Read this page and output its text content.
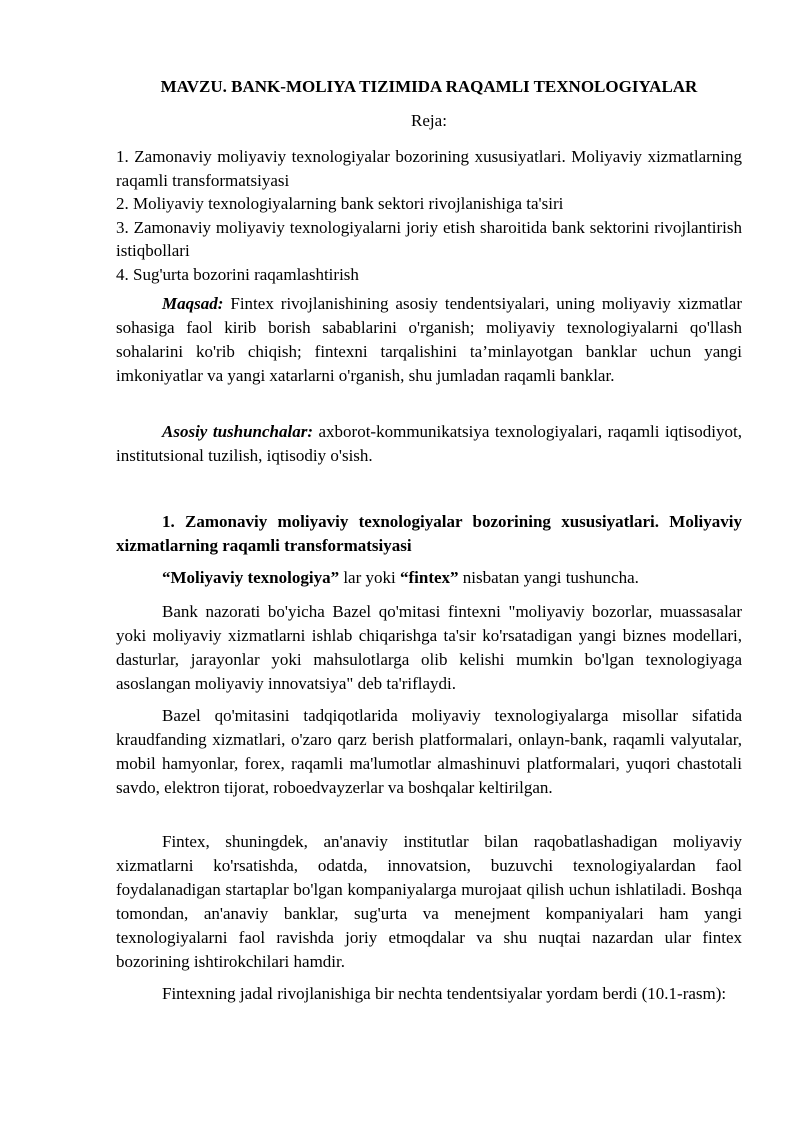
MAVZU. BANK-MOLIYA TIZIMIDA RAQAMLI TEXNOLOGIYALAR
Reja:

1. Zamonaviy moliyaviy texnologiyalar bozorining xususiyatlari. Moliyaviy xizmatlarning raqamli transformatsiyasi

2. Moliyaviy texnologiyalarning bank sektori rivojlanishiga ta'siri

3. Zamonaviy moliyaviy texnologiyalarni joriy etish sharoitida bank sektorini rivojlantirish istiqbollari

4. Sug'urta bozorini raqamlashtirish

Maqsad: Fintex rivojlanishining asosiy tendentsiyalari, uning moliyaviy xizmatlar sohasiga faol kirib borish sabablarini o'rganish; moliyaviy texnologiyalarni qo'llash sohalarini ko'rib chiqish; fintexni tarqalishini ta’minlayotgan banklar uchun yangi imkoniyatlar va yangi xatarlarni o'rganish, shu jumladan raqamli banklar.

Asosiy tushunchalar: axborot-kommunikatsiya texnologiyalari, raqamli iqtisodiyot, institutsional tuzilish, iqtisodiy o'sish.

1. Zamonaviy moliyaviy texnologiyalar bozorining xususiyatlari. Moliyaviy xizmatlarning raqamli transformatsiyasi

“Moliyaviy texnologiya” lar yoki “fintex” nisbatan yangi tushuncha.

Bank nazorati bo'yicha Bazel qo'mitasi fintexni "moliyaviy bozorlar, muassasalar yoki moliyaviy xizmatlarni ishlab chiqarishga ta'sir ko'rsatadigan yangi biznes modellari, dasturlar, jarayonlar yoki mahsulotlarga olib kelishi mumkin bo'lgan texnologiyaga asoslangan moliyaviy innovatsiya" deb ta'riflaydi.

Bazel qo'mitasini tadqiqotlarida moliyaviy texnologiyalarga misollar sifatida kraudfanding xizmatlari, o'zaro qarz berish platformalari, onlayn-bank, raqamli valyutalar, mobil hamyonlar, forex, raqamli ma'lumotlar almashinuvi platformalari, yuqori chastotali savdo, elektron tijorat, roboedvayzerlar va boshqalar keltirilgan.

Fintex, shuningdek, an'anaviy institutlar bilan raqobatlashadigan moliyaviy xizmatlarni ko'rsatishda, odatda, innovatsion, buzuvchi texnologiyalardan faol foydalanadigan startaplar bo'lgan kompaniyalarga murojaat qilish uchun ishlatiladi. Boshqa tomondan, an'anaviy banklar, sug'urta va menejment kompaniyalari ham yangi texnologiyalarni faol ravishda joriy etmoqdalar va shu nuqtai nazardan ular fintex bozorining ishtirokchilari hamdir.

Fintexning jadal rivojlanishiga bir nechta tendentsiyalar yordam berdi (10.1-rasm):
